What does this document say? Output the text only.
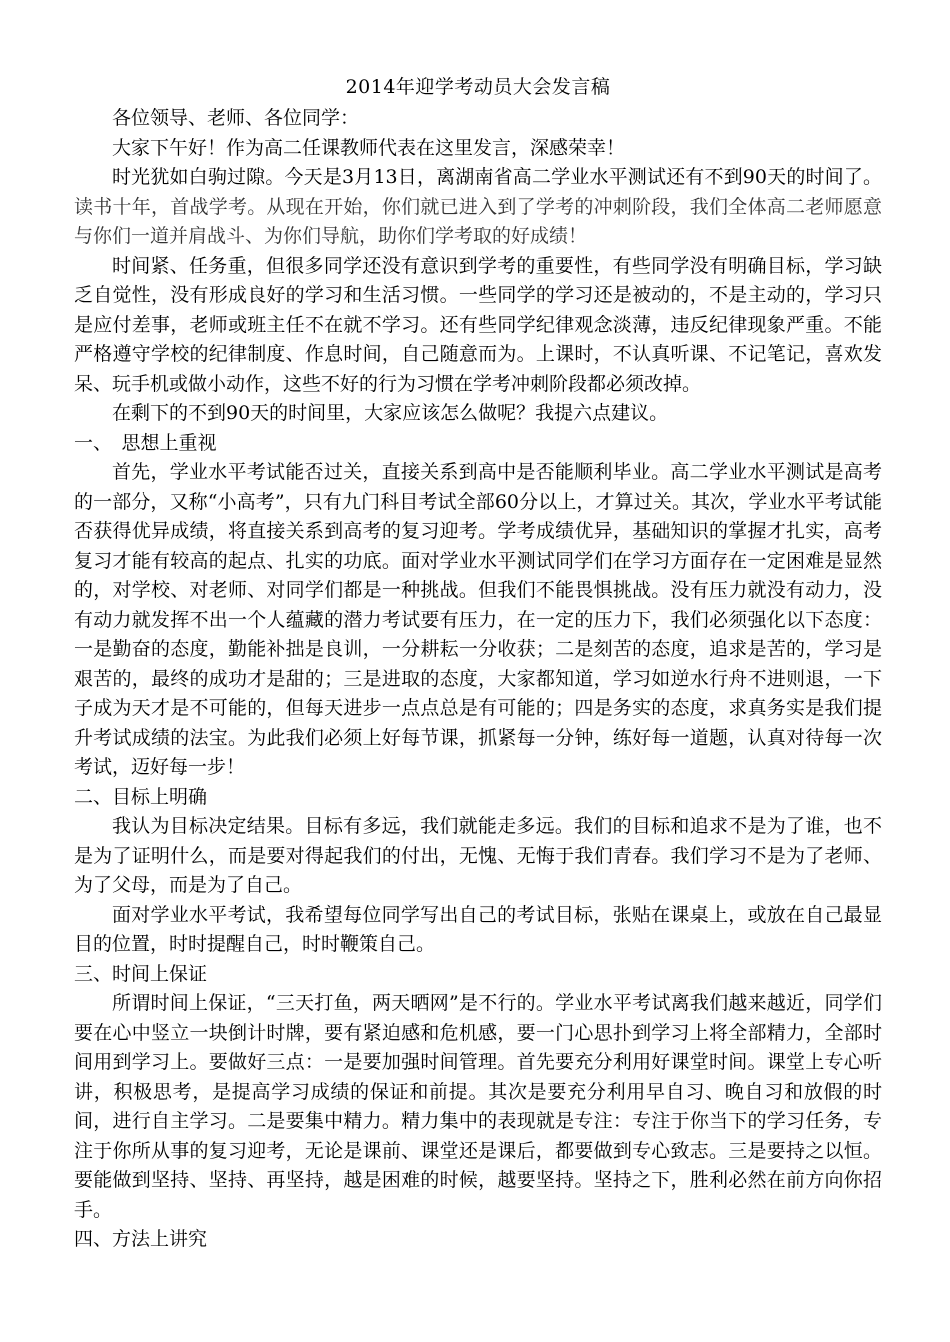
2014年迎学考动员大会发言稿

各位领导、老师、各位同学：

大家下午好！作为高二任课教师代表在这里发言，深感荣幸！

时光犹如白驹过隙。今天是3月13日，离湖南省高二学业水平测试还有不到90天的时间了。读书十年，首战学考。从现在开始，你们就已进入到了学考的冲刺阶段，我们全体高二老师愿意与你们一道并肩战斗、为你们导航，助你们学考取的好成绩！

时间紧、任务重，但很多同学还没有意识到学考的重要性，有些同学没有明确目标，学习缺乏自觉性，没有形成良好的学习和生活习惯。一些同学的学习还是被动的，不是主动的，学习只是应付差事，老师或班主任不在就不学习。还有些同学纪律观念淡薄，违反纪律现象严重。不能严格遵守学校的纪律制度、作息时间，自己随意而为。上课时，不认真听课、不记笔记，喜欢发呆、玩手机或做小动作，这些不好的行为习惯在学考冲刺阶段都必须改掉。

在剩下的不到90天的时间里，大家应该怎么做呢？我提六点建议。

一、　思想上重视

首先，学业水平考试能否过关，直接关系到高中是否能顺利毕业。高二学业水平测试是高考的一部分，又称“小高考”，只有九门科目考试全部60分以上，才算过关。其次，学业水平考试能否获得优异成绩，将直接关系到高考的复习迎考。学考成绩优异，基础知识的掌握才扎实，高考复习才能有较高的起点、扎实的功底。面对学业水平测试同学们在学习方面存在一定困难是显然的，对学校、对老师、对同学们都是一种挑战。但我们不能畏惧挑战。没有压力就没有动力，没有动力就发挥不出一个人蕴藏的潜力考试要有压力，在一定的压力下，我们必须强化以下态度：一是勤奋的态度，勤能补拙是良训，一分耕耘一分收获；二是刻苦的态度，追求是苦的，学习是艰苦的，最终的成功才是甜的；三是进取的态度，大家都知道，学习如逆水行舟不进则退，一下子成为天才是不可能的，但每天进步一点点总是有可能的；四是务实的态度，求真务实是我们提升考试成绩的法宝。为此我们必须上好每节课，抓紧每一分钟，练好每一道题，认真对待每一次考试，迈好每一步！

二、目标上明确

我认为目标决定结果。目标有多远，我们就能走多远。我们的目标和追求不是为了谁，也不是为了证明什么，而是要对得起我们的付出，无愧、无悔于我们青春。我们学习不是为了老师、为了父母，而是为了自己。

面对学业水平考试，我希望每位同学写出自己的考试目标，张贴在课桌上，或放在自己最显目的位置，时时提醒自己，时时鞭策自己。

三、时间上保证

所谓时间上保证，“三天打鱼，两天晒网”是不行的。学业水平考试离我们越来越近，同学们要在心中竖立一块倒计时牌，要有紧迫感和危机感，要一门心思扑到学习上将全部精力，全部时间用到学习上。要做好三点：一是要加强时间管理。首先要充分利用好课堂时间。课堂上专心听讲，积极思考，是提高学习成绩的保证和前提。其次是要充分利用早自习、晚自习和放假的时间，进行自主学习。二是要集中精力。精力集中的表现就是专注：专注于你当下的学习任务，专注于你所从事的复习迎考，无论是课前、课堂还是课后，都要做到专心致志。三是要持之以恒。要能做到坚持、坚持、再坚持，越是困难的时候，越要坚持。坚持之下，胜利必然在前方向你招手。

四、方法上讲究
